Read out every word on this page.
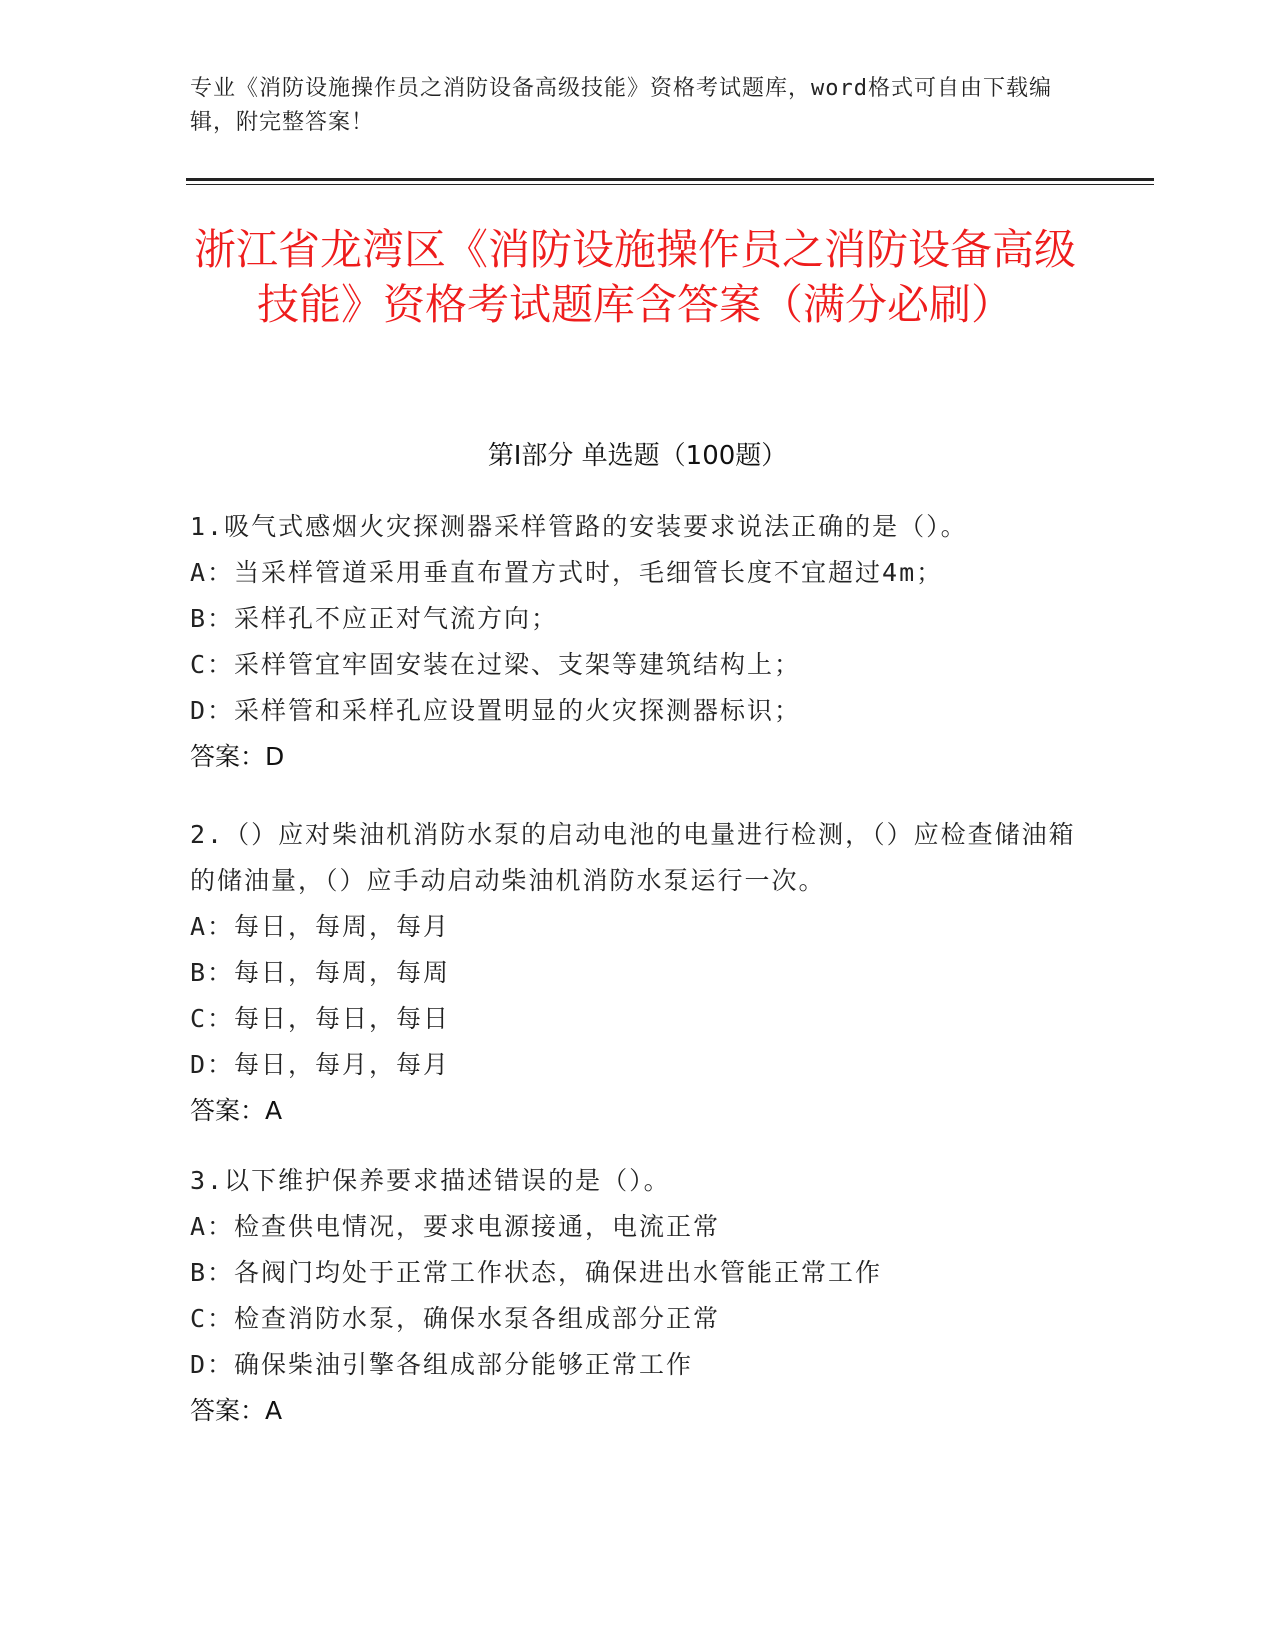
专业《消防设施操作员之消防设备高级技能》资格考试题库，word格式可自由下载编辑，附完整答案！
浙江省龙湾区《消防设施操作员之消防设备高级技能》资格考试题库含答案（满分必刷）
第Ⅰ部分 单选题（100题）

1.吸气式感烟火灾探测器采样管路的安装要求说法正确的是（）。

A：当采样管道采用垂直布置方式时，毛细管长度不宜超过4m；

B：采样孔不应正对气流方向；

C：采样管宜牢固安装在过梁、支架等建筑结构上；

D：采样管和采样孔应设置明显的火灾探测器标识；

答案：D

2.（）应对柴油机消防水泵的启动电池的电量进行检测，（）应检查储油箱的储油量，（）应手动启动柴油机消防水泵运行一次。

A：每日，每周，每月

B：每日，每周，每周

C：每日，每日，每日

D：每日，每月，每月

答案：A

3.以下维护保养要求描述错误的是（）。

A：检查供电情况，要求电源接通，电流正常

B：各阀门均处于正常工作状态，确保进出水管能正常工作

C：检查消防水泵，确保水泵各组成部分正常

D：确保柴油引擎各组成部分能够正常工作

答案：A
